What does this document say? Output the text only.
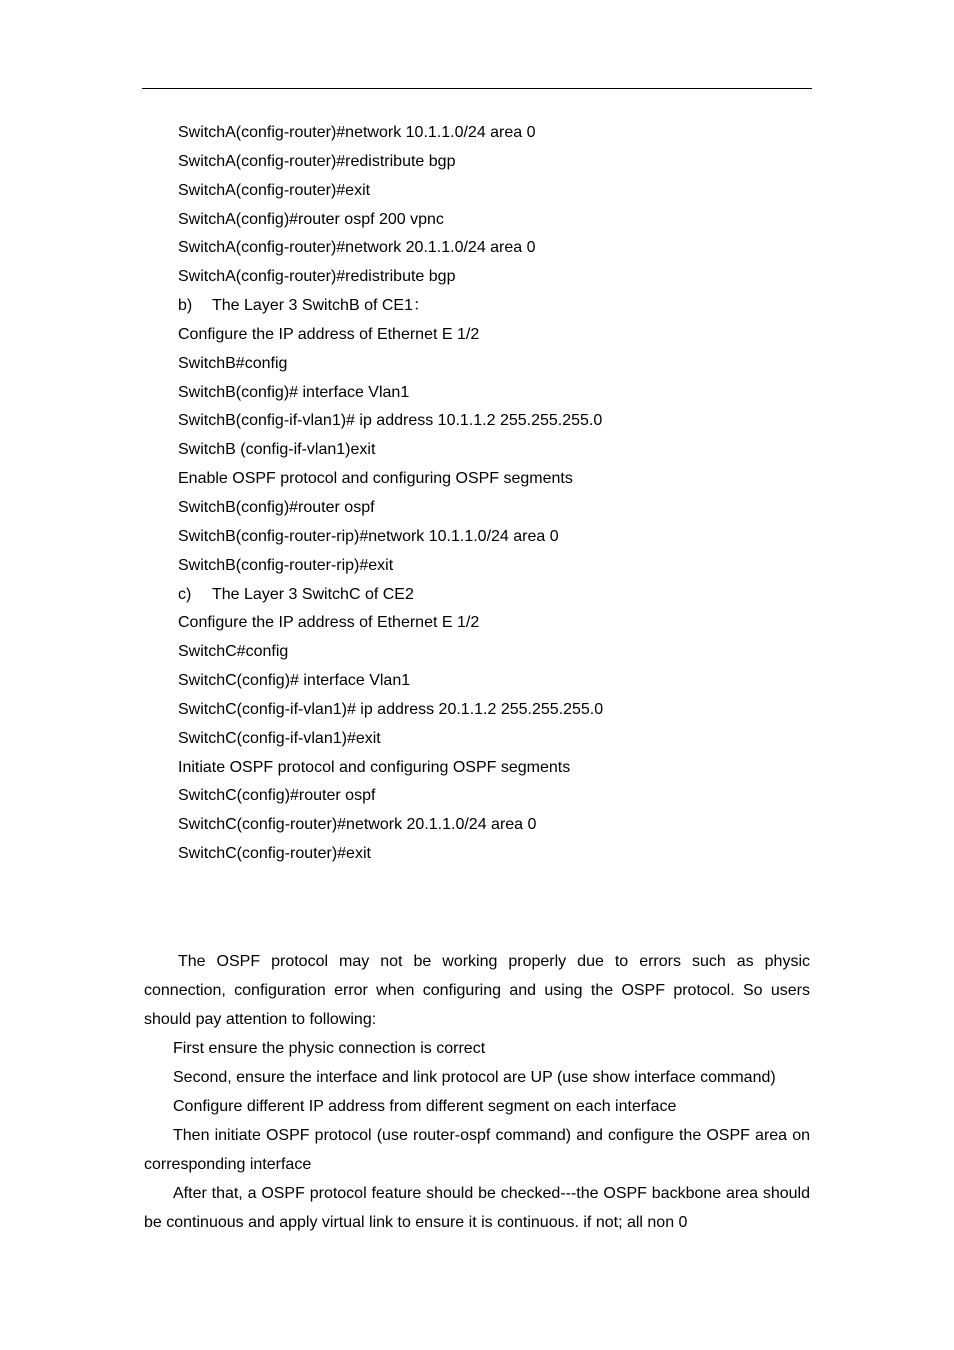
SwitchA(config-router)#network 10.1.1.0/24 area 0
SwitchA(config-router)#redistribute bgp
SwitchA(config-router)#exit
SwitchA(config)#router ospf 200 vpnc
SwitchA(config-router)#network 20.1.1.0/24 area 0
SwitchA(config-router)#redistribute bgp
b)	The Layer 3 SwitchB of CE1：
Configure the IP address of Ethernet E 1/2
SwitchB#config
SwitchB(config)# interface Vlan1
SwitchB(config-if-vlan1)# ip address 10.1.1.2 255.255.255.0
SwitchB (config-if-vlan1)exit
Enable OSPF protocol and configuring OSPF segments
SwitchB(config)#router ospf
SwitchB(config-router-rip)#network 10.1.1.0/24 area 0
SwitchB(config-router-rip)#exit
c)	The Layer 3 SwitchC of CE2
Configure the IP address of Ethernet E 1/2
SwitchC#config
SwitchC(config)# interface Vlan1
SwitchC(config-if-vlan1)# ip address 20.1.1.2 255.255.255.0
SwitchC(config-if-vlan1)#exit
Initiate OSPF protocol and configuring OSPF segments
SwitchC(config)#router ospf
SwitchC(config-router)#network 20.1.1.0/24 area 0
SwitchC(config-router)#exit

The OSPF protocol may not be working properly due to errors such as physic connection, configuration error when configuring and using the OSPF protocol. So users should pay attention to following:

First ensure the physic connection is correct

Second, ensure the interface and link protocol are UP (use show interface command)

Configure different IP address from different segment on each interface

Then initiate OSPF protocol (use router-ospf command) and configure the OSPF area on corresponding interface

After that, a OSPF protocol feature should be checked---the OSPF backbone area should be continuous and apply virtual link to ensure it is continuous. if not; all non 0
